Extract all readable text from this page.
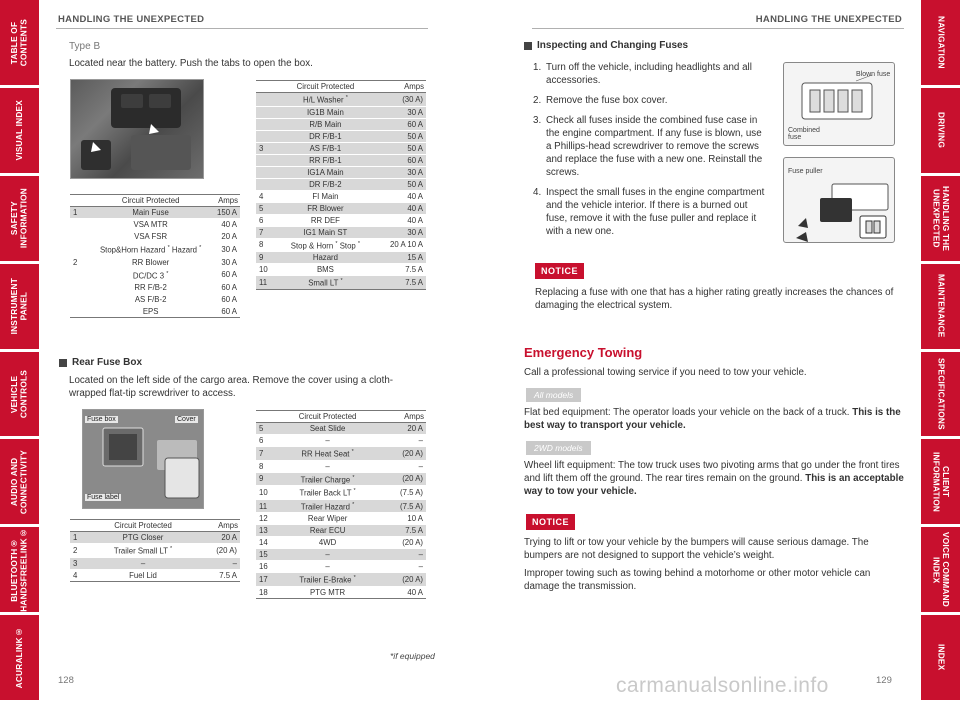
TABLE OF
CONTENTS
VISUAL INDEX
SAFETY
INFORMATION
INSTRUMENT
PANEL
VEHICLE
CONTROLS
AUDIO AND
CONNECTIVITY
BLUETOOTH®
HANDSFREELINK®
ACURALINK®
NAVIGATION
DRIVING
HANDLING THE
UNEXPECTED
MAINTENANCE
SPECIFICATIONS
CLIENT
INFORMATION
VOICE COMMAND
INDEX
INDEX
HANDLING THE UNEXPECTED	HANDLING THE UNEXPECTED
Type B
Located near the battery. Push the tabs to open the box.
	Circuit Protected	Amps
1	Main Fuse	150 A
	VSA MTR	40 A
	VSA FSR	20 A
	Stop&Horn Hazard * Hazard *	30 A
2	RR Blower	30 A
	DC/DC 3 *	60 A
	RR F/B-2	60 A
	AS F/B-2	60 A
	EPS	60 A
	Circuit Protected	Amps
	H/L Washer *	(30 A)
	IG1B Main	30 A
	R/B Main	60 A
	DR F/B-1	50 A
3	AS F/B-1	50 A
	RR F/B-1	60 A
	IG1A Main	30 A
	DR F/B-2	50 A
4	FI Main	40 A
5	FR Blower	40 A
6	RR DEF	40 A
7	IG1 Main ST	30 A
8	Stop & Horn * Stop *	20 A 10 A
9	Hazard	15 A
10	BMS	7.5 A
11	Small LT *	7.5 A
Rear Fuse Box
Located on the left side of the cargo area. Remove the cover using a cloth-wrapped flat-tip screwdriver to access.
Fuse box	Cover
Fuse label
	Circuit Protected	Amps
1	PTG Closer	20 A
2	Trailer Small LT *	(20 A)
3	–	–
4	Fuel Lid	7.5 A
	Circuit Protected	Amps
5	Seat Slide	20 A
6	–	–
7	RR Heat Seat *	(20 A)
8	–	–
9	Trailer Charge *	(20 A)
10	Trailer Back LT *	(7.5 A)
11	Trailer Hazard *	(7.5 A)
12	Rear Wiper	10 A
13	Rear ECU	7.5 A
14	4WD	(20 A)
15	–	–
16	–	–
17	Trailer E-Brake *	(20 A)
18	PTG MTR	40 A
*if equipped
128
Inspecting and Changing Fuses
1. Turn off the vehicle, including headlights and all accessories.
2. Remove the fuse box cover.
3. Check all fuses inside the combined fuse case in the engine compartment. If any fuse is blown, use a Phillips-head screwdriver to remove the screws and replace the fuse with a new one. Reinstall the screws.
4. Inspect the small fuses in the engine compartment and the vehicle interior. If there is a burned out fuse, remove it with the fuse puller and replace it with a new one.
Blown fuse
Combined fuse
Fuse puller
NOTICE
Replacing a fuse with one that has a higher rating greatly increases the chances of damaging the electrical system.
Emergency Towing
Call a professional towing service if you need to tow your vehicle.
All models
Flat bed equipment: The operator loads your vehicle on the back of a truck. This is the best way to transport your vehicle.
2WD models
Wheel lift equipment: The tow truck uses two pivoting arms that go under the front tires and lift them off the ground. The rear tires remain on the ground. This is an acceptable way to tow your vehicle.
NOTICE
Trying to lift or tow your vehicle by the bumpers will cause serious damage. The bumpers are not designed to support the vehicle’s weight.
Improper towing such as towing behind a motorhome or other motor vehicle can damage the transmission.
129
carmanualsonline.info
